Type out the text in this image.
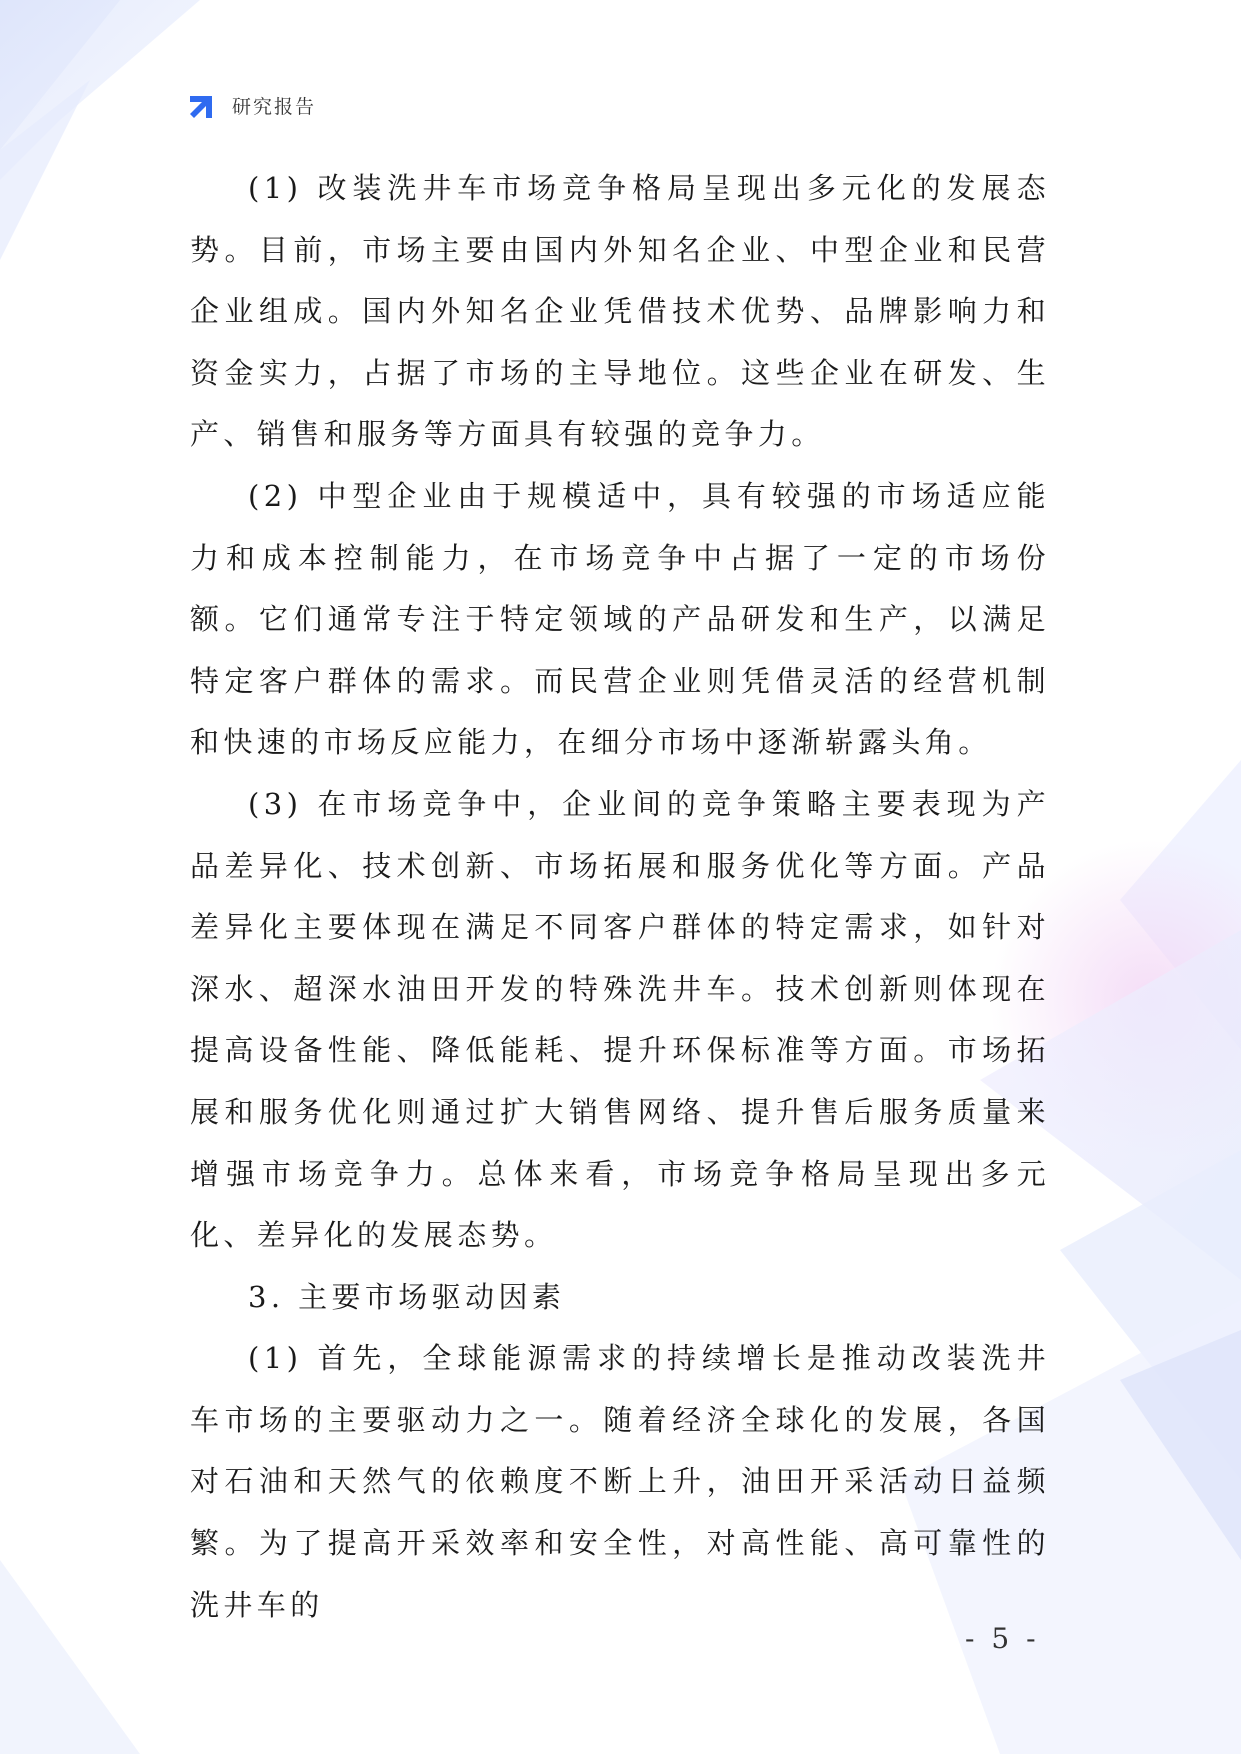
研究报告

(1) 改装洗井车市场竞争格局呈现出多元化的发展态势。目前，市场主要由国内外知名企业、中型企业和民营企业组成。国内外知名企业凭借技术优势、品牌影响力和资金实力，占据了市场的主导地位。这些企业在研发、生产、销售和服务等方面具有较强的竞争力。

(2) 中型企业由于规模适中，具有较强的市场适应能力和成本控制能力，在市场竞争中占据了一定的市场份额。它们通常专注于特定领域的产品研发和生产，以满足特定客户群体的需求。而民营企业则凭借灵活的经营机制和快速的市场反应能力，在细分市场中逐渐崭露头角。

(3) 在市场竞争中，企业间的竞争策略主要表现为产品差异化、技术创新、市场拓展和服务优化等方面。产品差异化主要体现在满足不同客户群体的特定需求，如针对深水、超深水油田开发的特殊洗井车。技术创新则体现在提高设备性能、降低能耗、提升环保标准等方面。市场拓展和服务优化则通过扩大销售网络、提升售后服务质量来增强市场竞争力。总体来看，市场竞争格局呈现出多元化、差异化的发展态势。

3. 主要市场驱动因素

(1) 首先，全球能源需求的持续增长是推动改装洗井车市场的主要驱动力之一。随着经济全球化的发展，各国对石油和天然气的依赖度不断上升，油田开采活动日益频繁。为了提高开采效率和安全性，对高性能、高可靠性的洗井车的

- 5 -
